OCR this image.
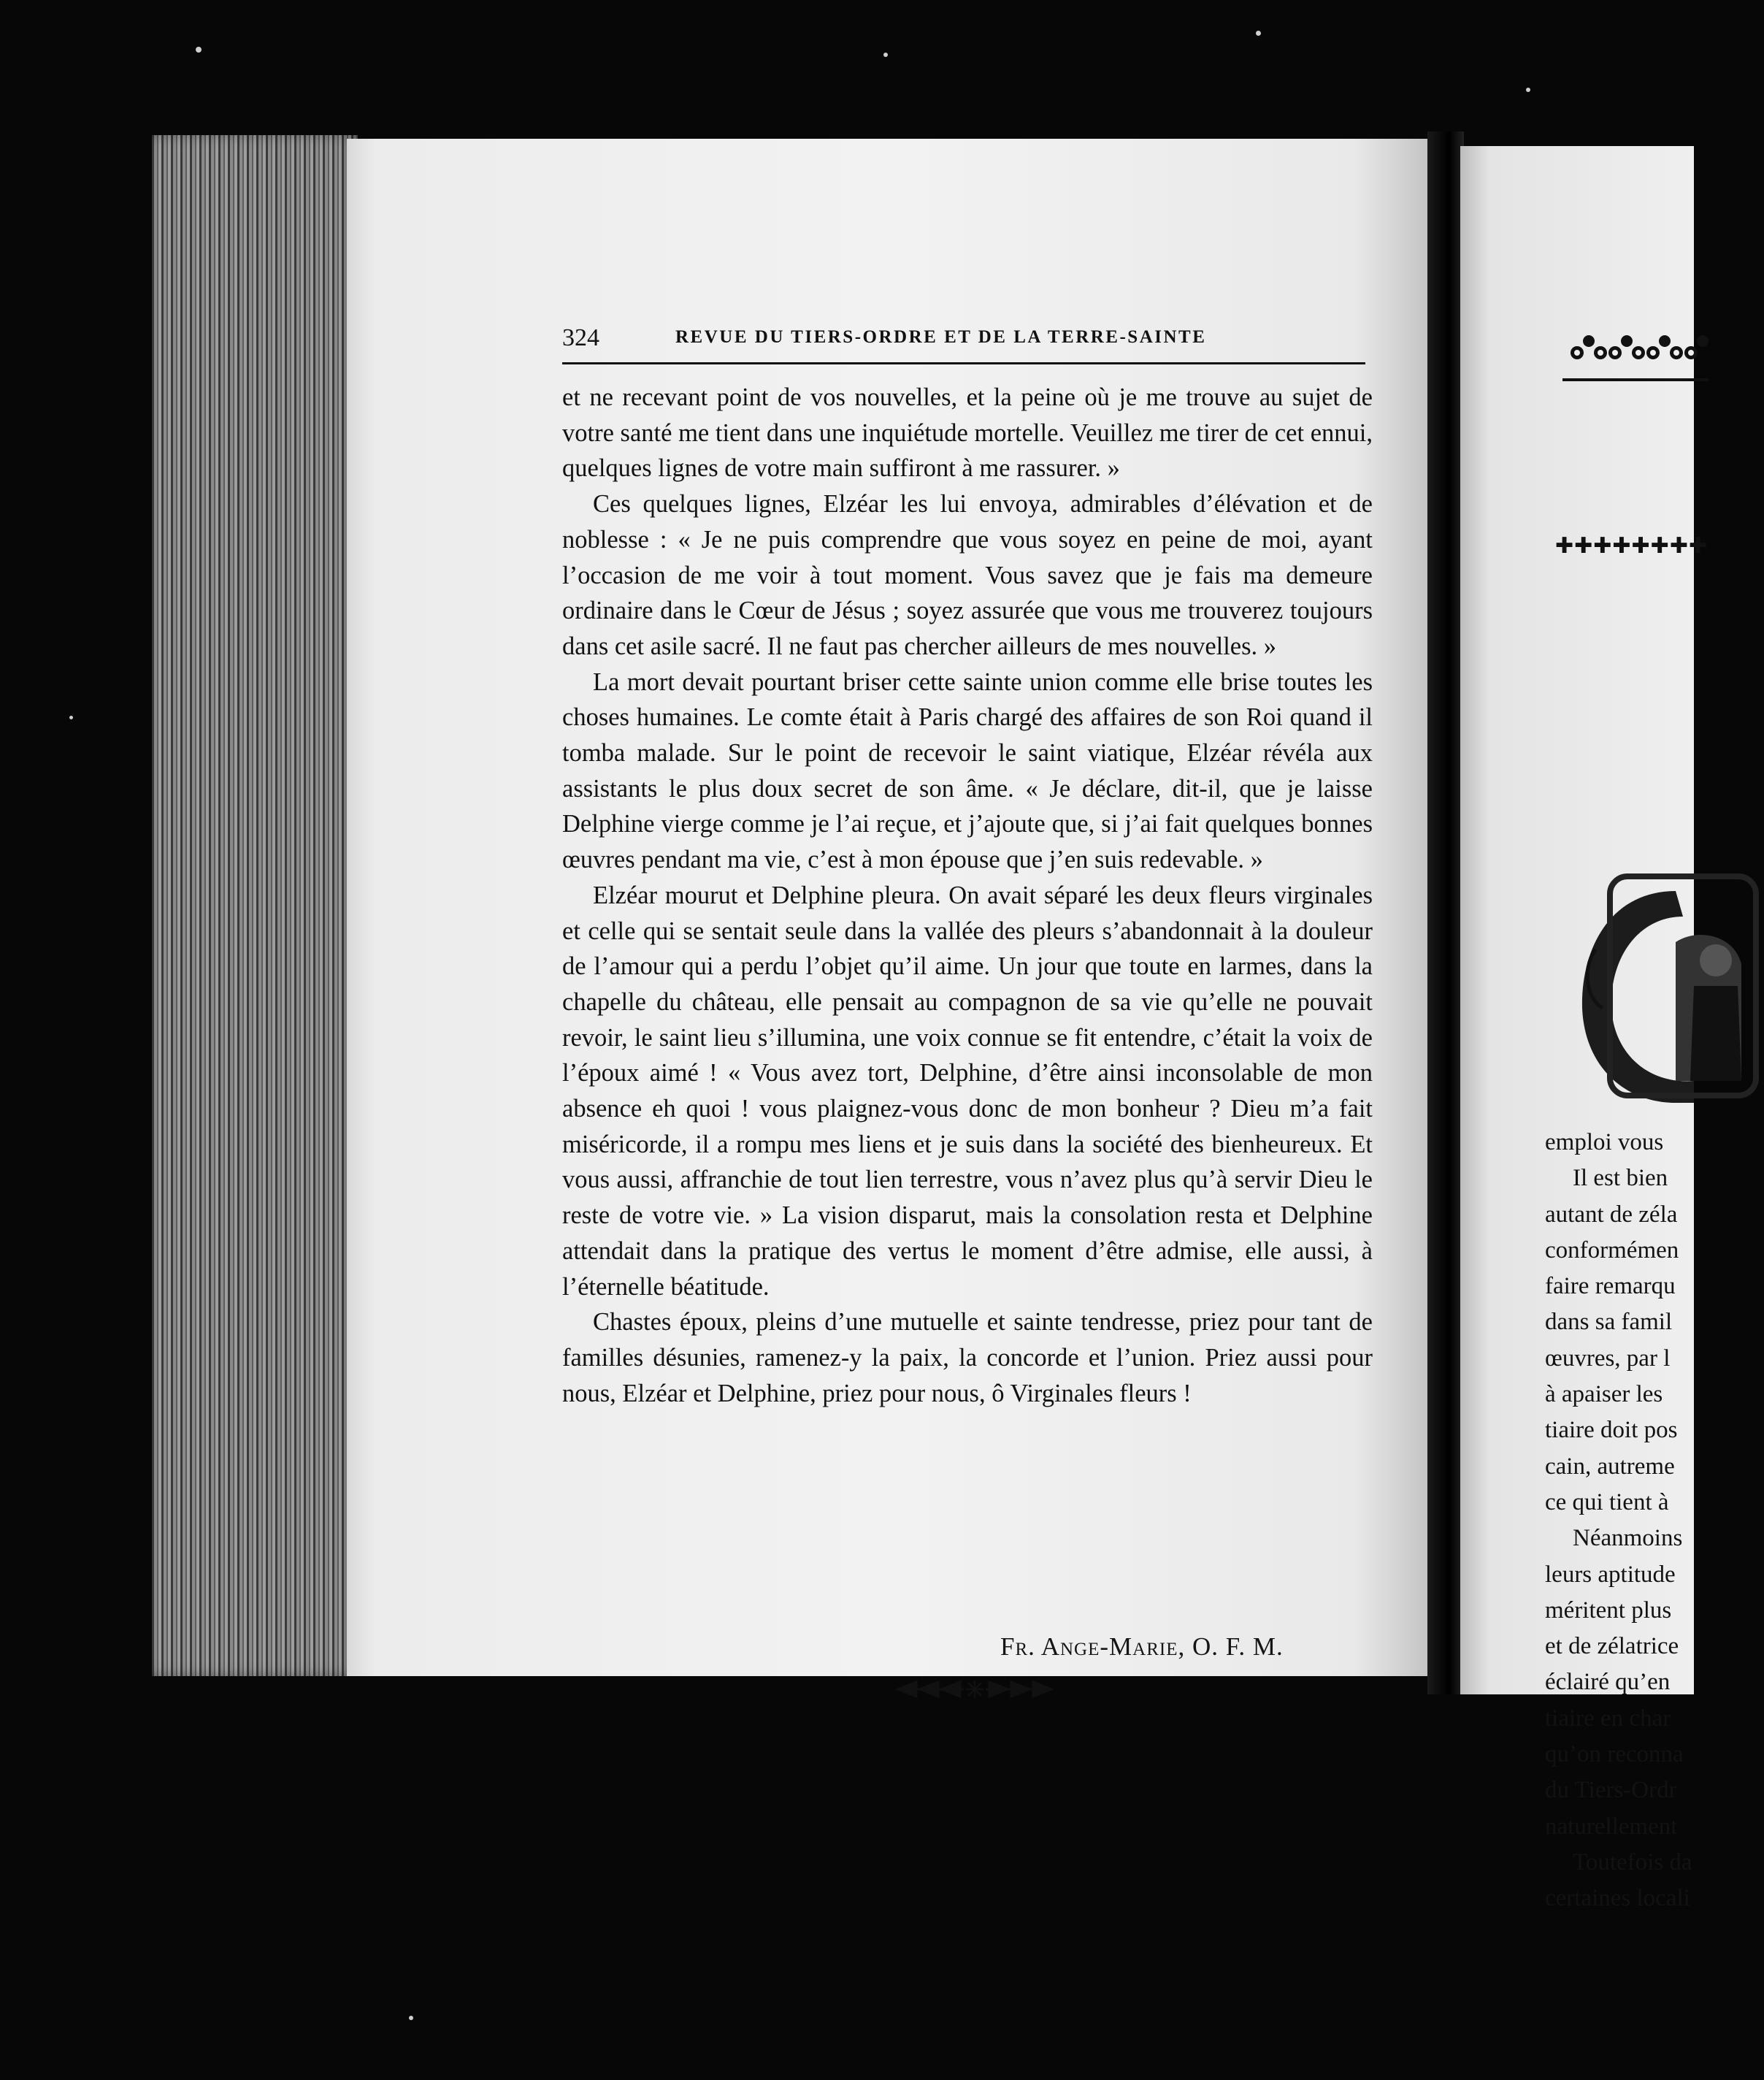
✚✚✚✚✚✚✚✚
emploi vous
Il est bien
autant de zéla
conformémen
faire remarqu
dans sa famil
œuvres, par l
à apaiser les
tiaire doit pos
cain, autreme
ce qui tient à
Néanmoins
leurs aptitude
méritent plus
et de zélatrice
éclairé qu’en
tiaire en char
qu’on reconna
du Tiers-Ordr
naturellement
Toutefois da
certaines locali
324	REVUE DU TIERS-ORDRE ET DE LA TERRE-SAINTE

et ne recevant point de vos nouvelles, et la peine où je me trouve au sujet de votre santé me tient dans une inquiétude mortelle. Veuillez me tirer de cet ennui, quelques lignes de votre main suffiront à me rassurer. »

Ces quelques lignes, Elzéar les lui envoya, admirables d’élévation et de noblesse : « Je ne puis comprendre que vous soyez en peine de moi, ayant l’occasion de me voir à tout moment. Vous savez que je fais ma demeure ordinaire dans le Cœur de Jésus ; soyez assurée que vous me trouverez toujours dans cet asile sacré. Il ne faut pas chercher ailleurs de mes nouvelles. »

La mort devait pourtant briser cette sainte union comme elle brise toutes les choses humaines. Le comte était à Paris chargé des affaires de son Roi quand il tomba malade. Sur le point de recevoir le saint viatique, Elzéar révéla aux assistants le plus doux secret de son âme. « Je déclare, dit-il, que je laisse Delphine vierge comme je l’ai reçue, et j’ajoute que, si j’ai fait quelques bonnes œuvres pendant ma vie, c’est à mon épouse que j’en suis redevable. »

Elzéar mourut et Delphine pleura. On avait séparé les deux fleurs virginales et celle qui se sentait seule dans la vallée des pleurs s’abandonnait à la douleur de l’amour qui a perdu l’objet qu’il aime. Un jour que toute en larmes, dans la chapelle du château, elle pensait au compagnon de sa vie qu’elle ne pouvait revoir, le saint lieu s’illumina, une voix connue se fit entendre, c’était la voix de l’époux aimé ! « Vous avez tort, Delphine, d’être ainsi inconsolable de mon absence eh quoi ! vous plaignez-vous donc de mon bonheur ? Dieu m’a fait miséricorde, il a rompu mes liens et je suis dans la société des bienheureux. Et vous aussi, affranchie de tout lien terrestre, vous n’avez plus qu’à servir Dieu le reste de votre vie. » La vision disparut, mais la consolation resta et Delphine attendait dans la pratique des vertus le moment d’être admise, elle aussi, à l’éternelle béatitude.

Chastes époux, pleins d’une mutuelle et sainte tendresse, priez pour tant de familles désunies, ramenez-y la paix, la concorde et l’union. Priez aussi pour nous, Elzéar et Delphine, priez pour nous, ô Virginales fleurs !

Fr. Ange-Marie, O. F. M.
